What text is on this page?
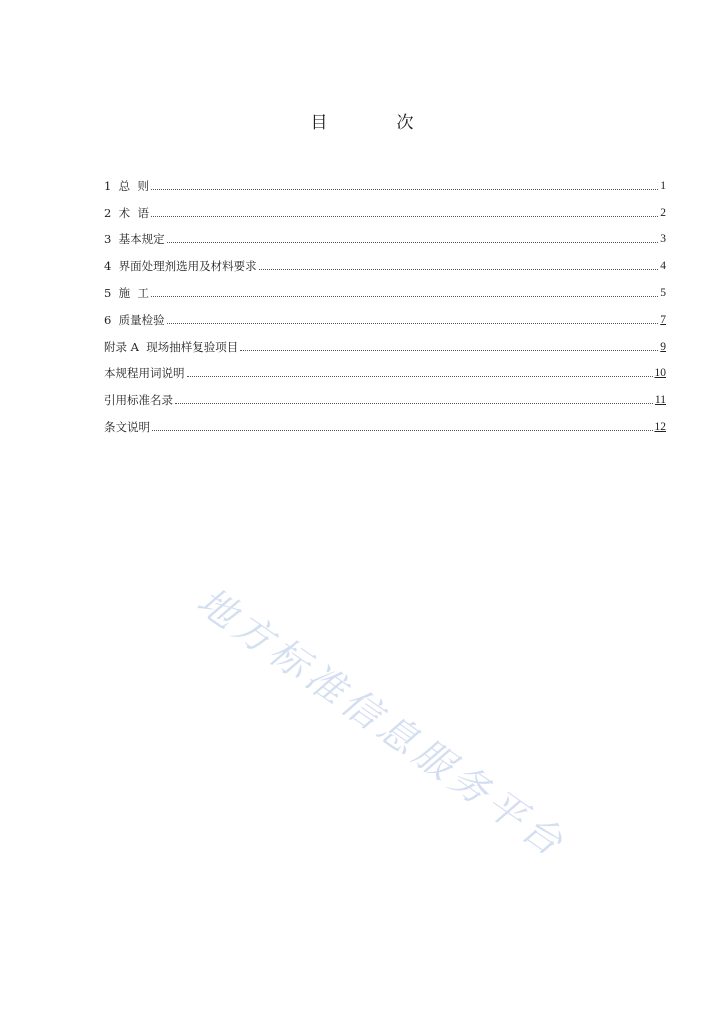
目　次
1  总  则	1
2  术  语	2
3  基本规定	3
4  界面处理剂选用及材料要求	4
5  施  工	5
6  质量检验	7
附录 A  现场抽样复验项目	9
本规程用词说明	10
引用标准名录	11
条文说明	12
地方标准信息服务平台
